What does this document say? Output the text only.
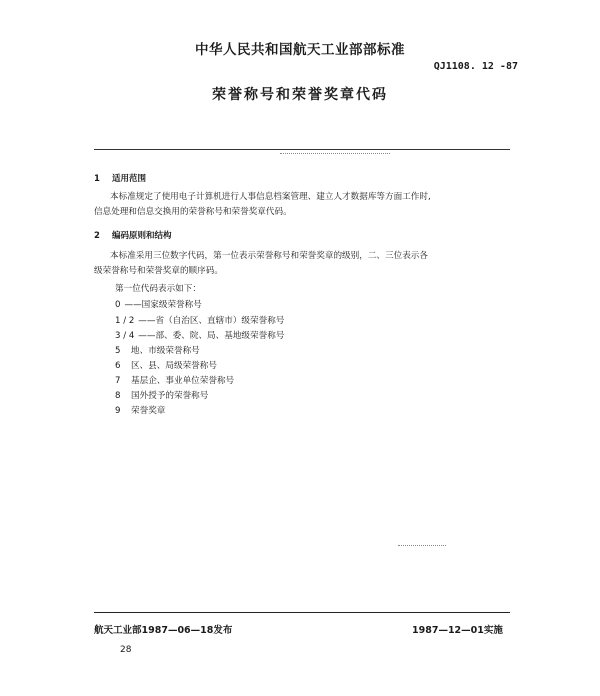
中华人民共和国航天工业部部标准
QJ1108. 12 -87
荣誉称号和荣誉奖章代码
1 适用范围
本标准规定了使用电子计算机进行人事信息档案管理、建立人才数据库等方面工作时,
信息处理和信息交换用的荣誉称号和荣誉奖章代码。
2 编码原则和结构
本标准采用三位数字代码，第一位表示荣誉称号和荣誉奖章的级别，二、三位表示各
级荣誉称号和荣誉奖章的顺序码。
第一位代码表示如下：
0 ——国家级荣誉称号
1 / 2 ——省（自治区、直辖市）级荣誉称号
3 / 4 ——部、委、院、局、基地级荣誉称号
5 地、市级荣誉称号
6 区、县、局级荣誉称号
7 基层企、事业单位荣誉称号
8 国外授予的荣誉称号
9 荣誉奖章
航天工业部1987—06—18发布	1987—12—01实施
28
